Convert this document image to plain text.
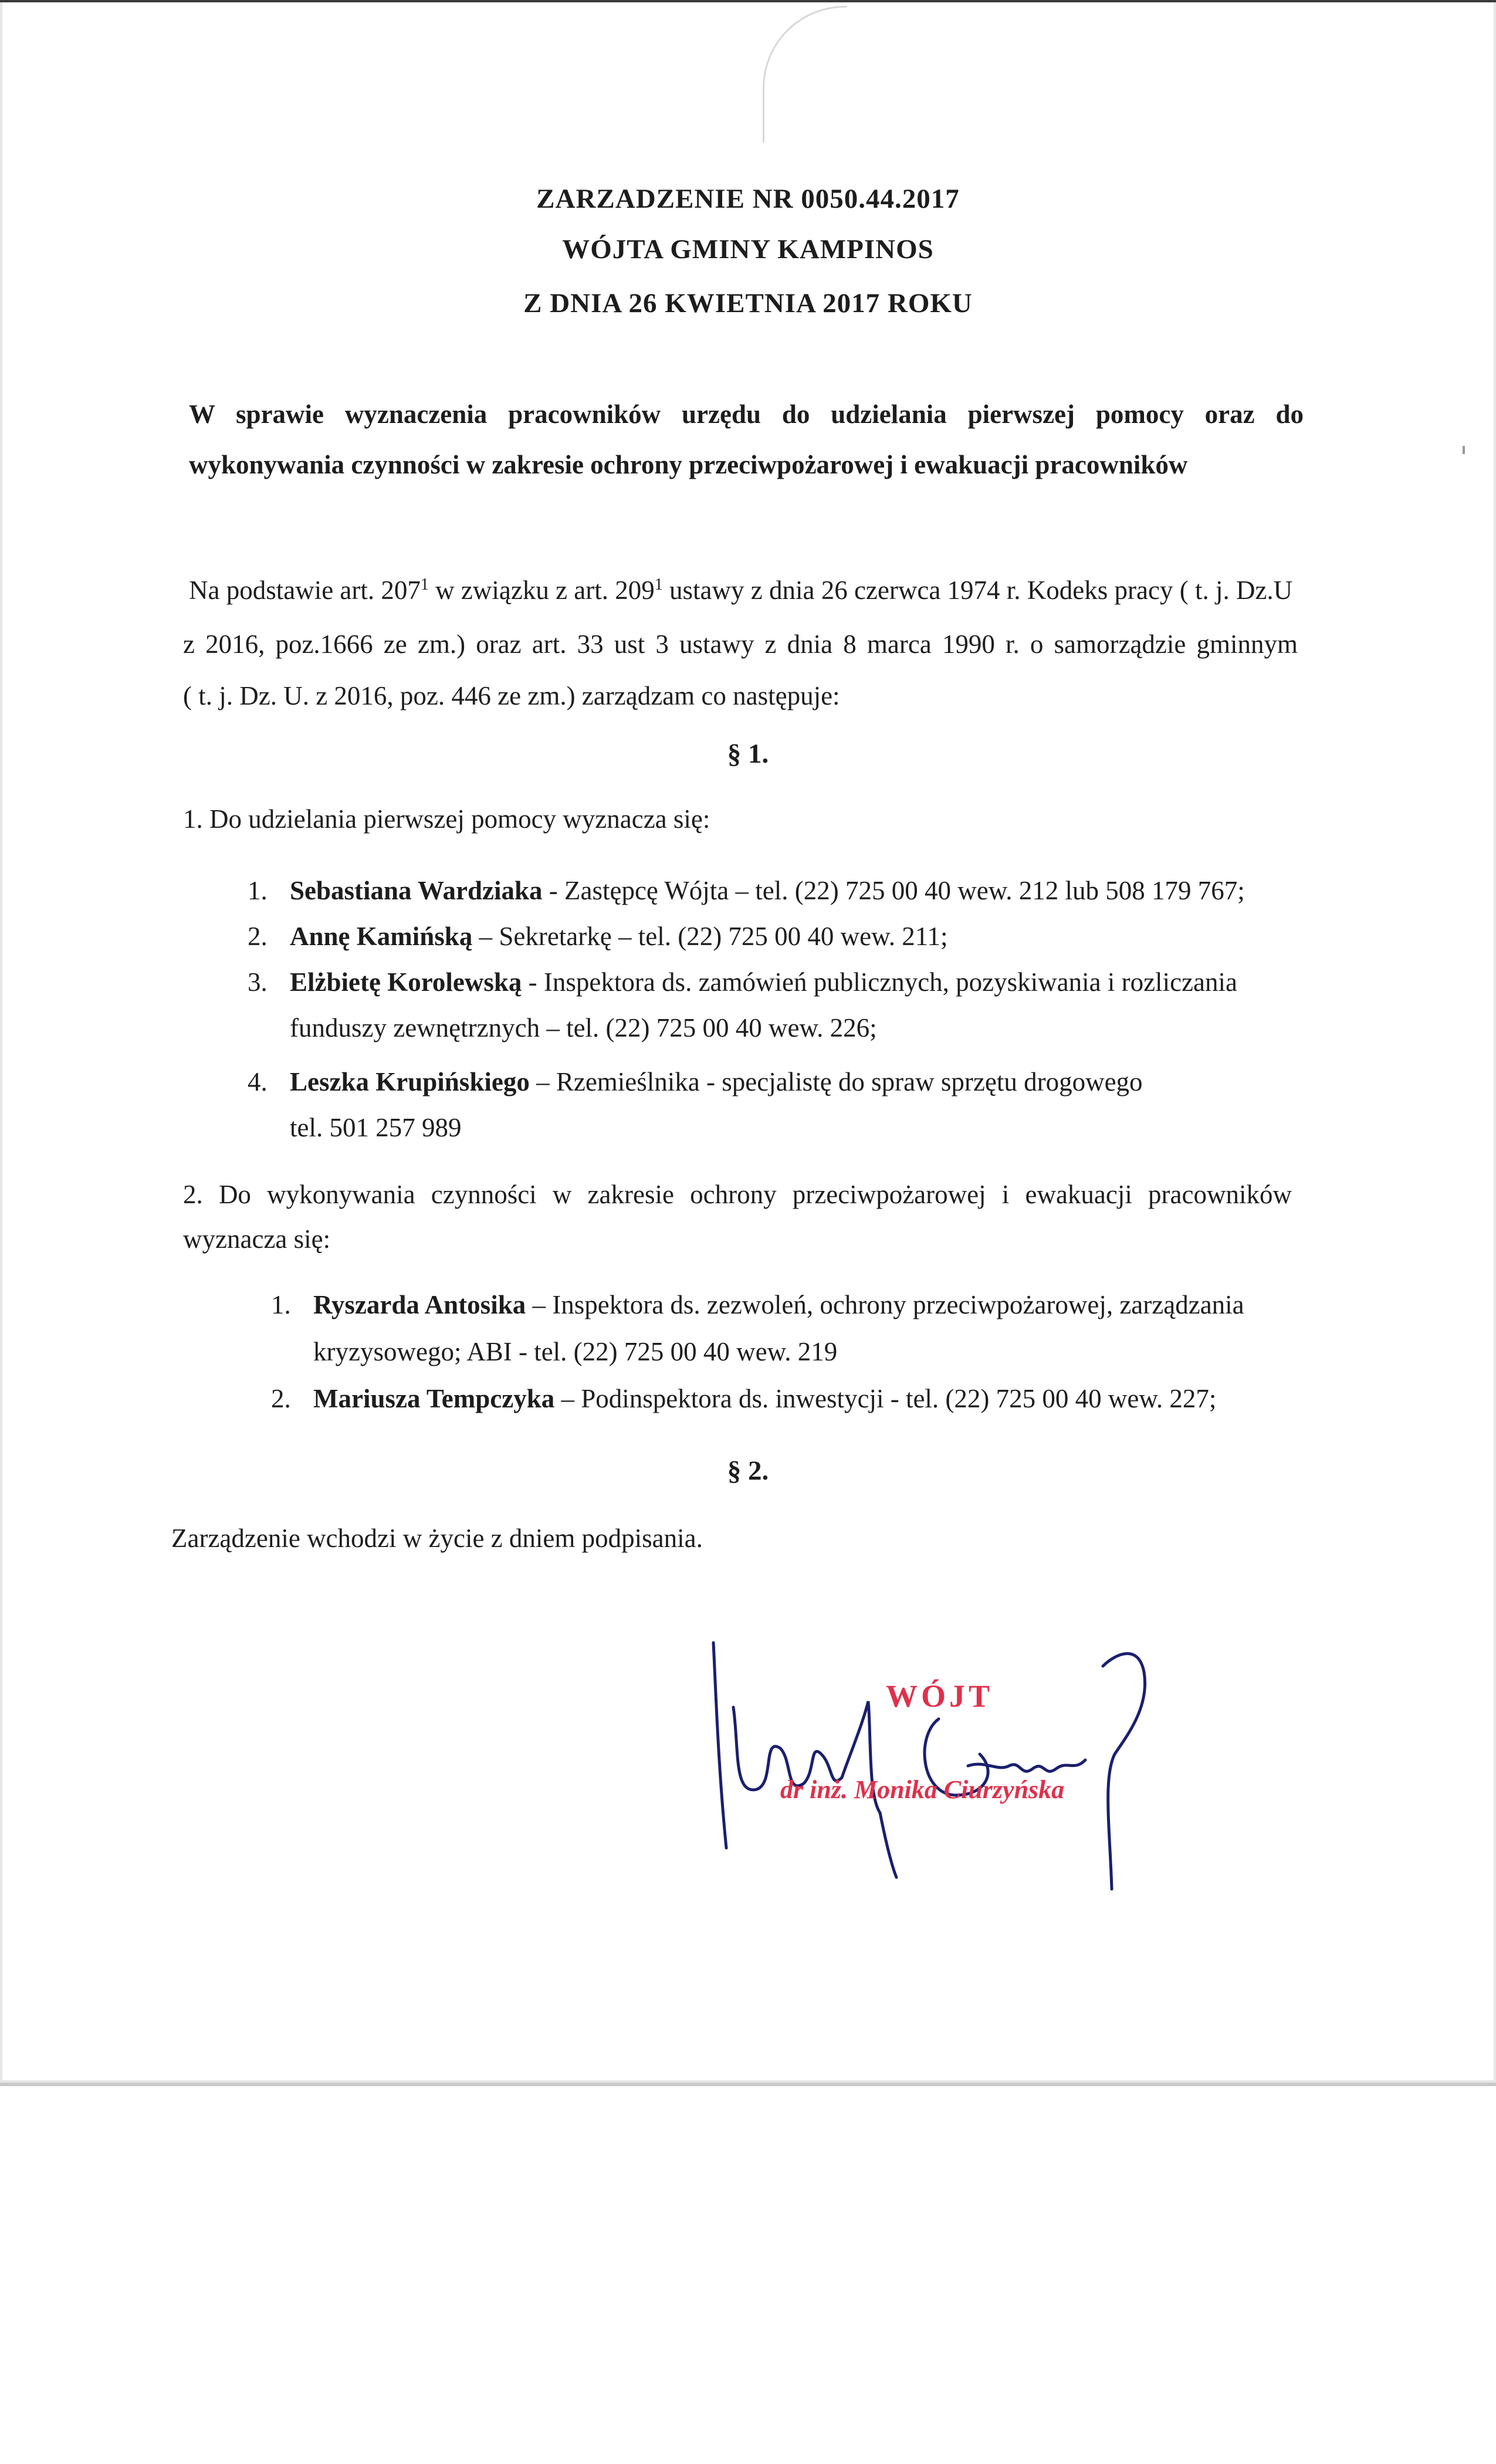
ZARZADZENIE NR 0050.44.2017
WÓJTA GMINY KAMPINOS
Z DNIA 26 KWIETNIA 2017 ROKU
W sprawie wyznaczenia pracowników urzędu do udzielania pierwszej pomocy oraz do
wykonywania czynności w zakresie ochrony przeciwpożarowej i ewakuacji pracowników
Na podstawie art. $207^1$ w związku z art. $209^1$ ustawy z dnia 26 czerwca 1974 r. Kodeks pracy ( t. j. Dz.U
z 2016, poz.1666 ze zm.) oraz art. 33 ust 3 ustawy z dnia 8 marca 1990 r. o samorządzie gminnym
( t. j. Dz. U. z 2016, poz. 446 ze zm.) zarządzam co następuje:
§ 1.
1. Do udzielania pierwszej pomocy wyznacza się:
1. Sebastiana Wardziaka - Zastępcę Wójta – tel. (22) 725 00 40 wew. 212 lub 508 179 767;
2. Annę Kamińską – Sekretarkę – tel. (22) 725 00 40 wew. 211;
3. Elżbietę Korolewską - Inspektora ds. zamówień publicznych, pozyskiwania i rozliczania
funduszy zewnętrznych – tel. (22) 725 00 40 wew. 226;
4. Leszka Krupińskiego – Rzemieślnika - specjalistę do spraw sprzętu drogowego
tel. 501 257 989
2. Do wykonywania czynności w zakresie ochrony przeciwpożarowej i ewakuacji pracowników
wyznacza się:
1. Ryszarda Antosika – Inspektora ds. zezwoleń, ochrony przeciwpożarowej, zarządzania
kryzysowego; ABI - tel. (22) 725 00 40 wew. 219
2. Mariusza Tempczyka – Podinspektora ds. inwestycji - tel. (22) 725 00 40 wew. 227;
§ 2.
Zarządzenie wchodzi w życie z dniem podpisania.
WÓJT
dr inż. Monika Ciurzyńska
